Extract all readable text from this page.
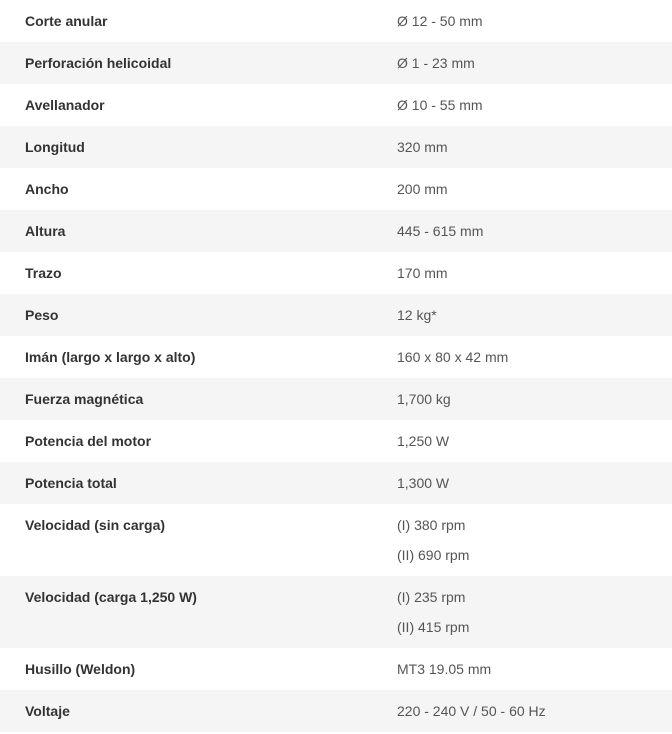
Corte anular	Ø 12 - 50 mm

Perforación helicoidal	Ø 1 - 23 mm

Avellanador	Ø 10 - 55 mm

Longitud	320 mm

Ancho	200 mm

Altura	445 - 615 mm

Trazo	170 mm

Peso	12 kg*

Imán (largo x largo x alto)	160 x 80 x 42 mm

Fuerza magnética	1,700 kg

Potencia del motor	1,250 W

Potencia total	1,300 W

Velocidad (sin carga)	(I) 380 rpm
(II) 690 rpm

Velocidad (carga 1,250 W)	(I) 235 rpm
(II) 415 rpm

Husillo (Weldon)	MT3 19.05 mm

Voltaje	220 - 240 V / 50 - 60 Hz
